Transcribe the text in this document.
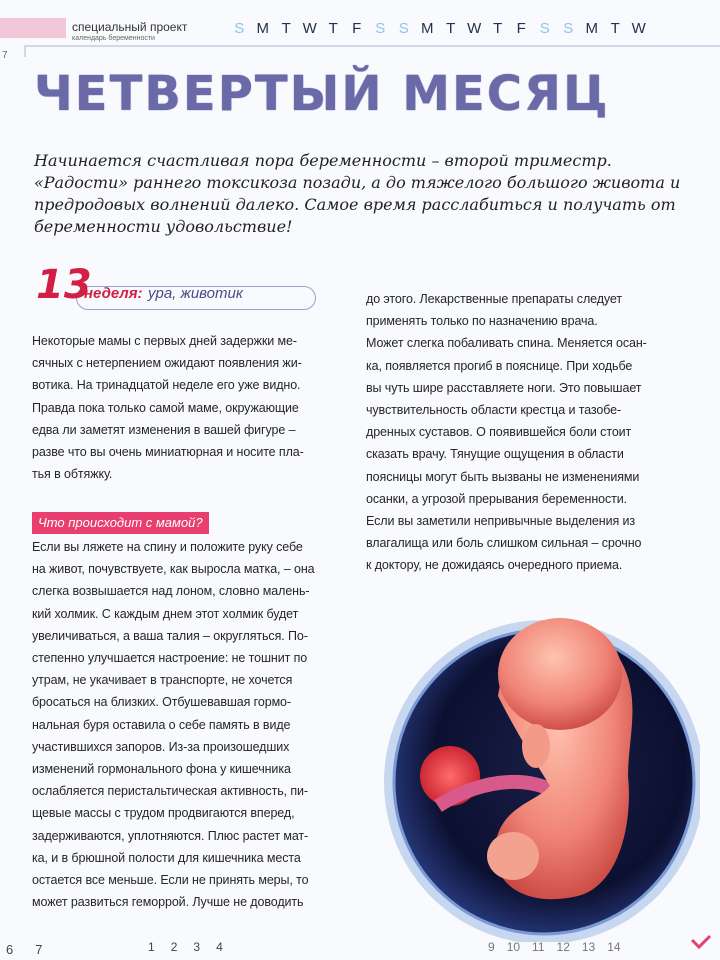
специальный проект
календарь беременности
S M T W T F S S M T W T F S S M T W
7
ЧЕТВЕРТЫЙ МЕСЯЦ
Начинается счастливая пора беременности – второй триместр. «Радости» раннего токсикоза позади, а до тяжелого большого живота и предродовых волнений далеко. Самое время расслабиться и получать от беременности удовольствие!
13
неделя: ура, животик

Некоторые мамы с первых дней задержки ме-

сячных с нетерпением ожидают появления жи-

вотика. На тринадцатой неделе его уже видно.

Правда пока только самой маме, окружающие

едва ли заметят изменения в вашей фигуре –

разве что вы очень миниатюрная и носите пла-

тья в обтяжку.

Что происходит с мамой?

Если вы ляжете на спину и положите руку себе

на живот, почувствуете, как выросла матка, – она

слегка возвышается над лоном, словно малень-

кий холмик. С каждым днем этот холмик будет

увеличиваться, а ваша талия – округляться. По-

степенно улучшается настроение: не тошнит по

утрам, не укачивает в транспорте, не хочется

бросаться на близких. Отбушевавшая гормо-

нальная буря оставила о себе память в виде

участившихся запоров. Из-за произошедших

изменений гормонального фона у кишечника

ослабляется перистальтическая активность, пи-

щевые массы с трудом продвигаются вперед,

задерживаются, уплотняются. Плюс растет мат-

ка, и в брюшной полости для кишечника места

остается все меньше. Если не принять меры, то

может развиться геморрой. Лучше не доводить

до этого. Лекарственные препараты следует

применять только по назначению врача.

Может слегка побаливать спина. Меняется осан-

ка, появляется прогиб в пояснице. При ходьбе

вы чуть шире расставляете ноги. Это повышает

чувствительность области крестца и тазобе-

дренных суставов. О появившейся боли стоит

сказать врачу. Тянущие ощущения в области

поясницы могут быть вызваны не изменениями

осанки, а угрозой прерывания беременности.

Если вы заметили непривычные выделения из

влагалища или боль слишком сильная – срочно

к доктору, не дожидаясь очередного приема.

6 7	1 2 3 4	9 10 11 12 13 14
